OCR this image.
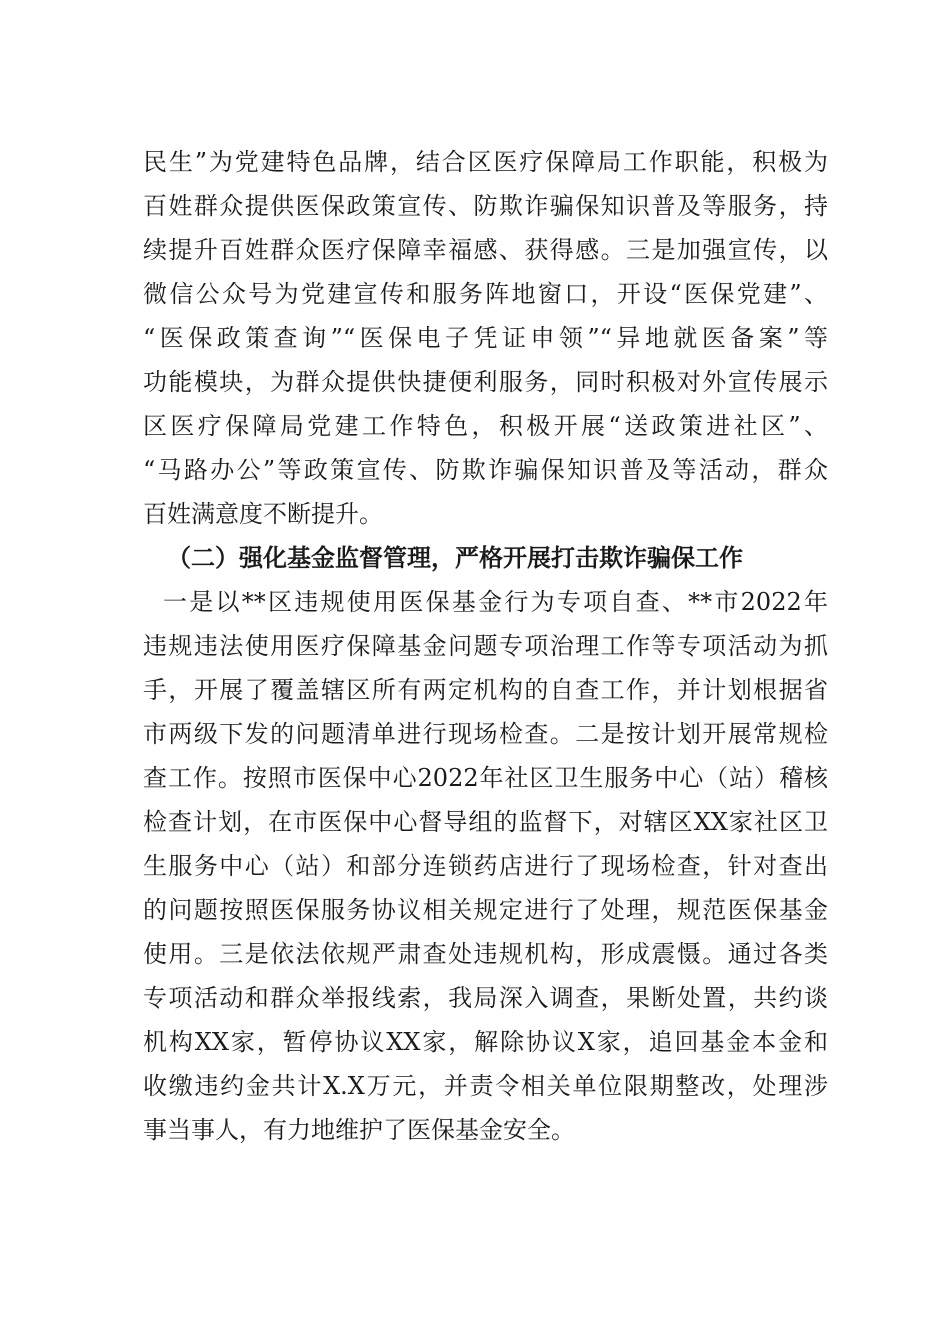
民生”为党建特色品牌，结合区医疗保障局工作职能，积极为
百姓群众提供医保政策宣传、防欺诈骗保知识普及等服务，持
续提升百姓群众医疗保障幸福感、获得感。三是加强宣传，以
微信公众号为党建宣传和服务阵地窗口，开设“医保党建”、
“医保政策查询”“医保电子凭证申领”“异地就医备案”等
功能模块，为群众提供快捷便利服务，同时积极对外宣传展示
区医疗保障局党建工作特色，积极开展“送政策进社区”、
“马路办公”等政策宣传、防欺诈骗保知识普及等活动，群众
百姓满意度不断提升。
（二）强化基金监督管理，严格开展打击欺诈骗保工作
一是以**区违规使用医保基金行为专项自查、**市2022年
违规违法使用医疗保障基金问题专项治理工作等专项活动为抓
手，开展了覆盖辖区所有两定机构的自查工作，并计划根据省
市两级下发的问题清单进行现场检查。二是按计划开展常规检
查工作。按照市医保中心2022年社区卫生服务中心（站）稽核
检查计划，在市医保中心督导组的监督下，对辖区XX家社区卫
生服务中心（站）和部分连锁药店进行了现场检查，针对查出
的问题按照医保服务协议相关规定进行了处理，规范医保基金
使用。三是依法依规严肃查处违规机构，形成震慑。通过各类
专项活动和群众举报线索，我局深入调查，果断处置，共约谈
机构XX家，暂停协议XX家，解除协议X家，追回基金本金和
收缴违约金共计X.X万元，并责令相关单位限期整改，处理涉
事当事人，有力地维护了医保基金安全。
